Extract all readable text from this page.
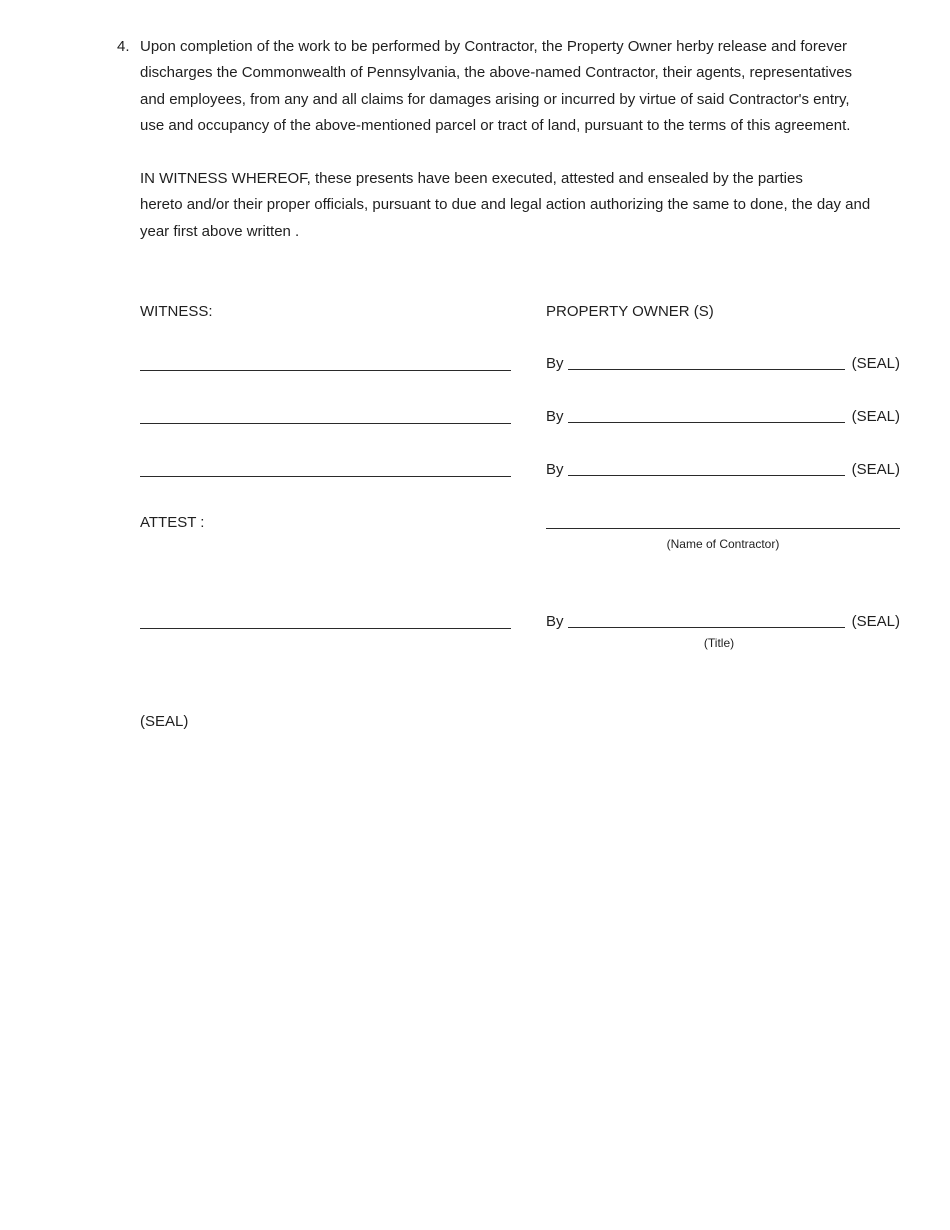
4. Upon completion of the work to be performed by Contractor, the Property Owner herby release and forever
discharges the Commonwealth of Pennsylvania, the above-named Contractor, their agents, representatives
and employees, from any and all claims for damages arising or incurred by virtue of said Contractor's entry,
use and occupancy of the above-mentioned parcel or tract of land, pursuant to the terms of this agreement.

IN WITNESS WHEREOF, these presents have been executed, attested and ensealed by the parties
hereto and/or their proper officials, pursuant to due and legal action authorizing the same to done, the day and
year first above written .

WITNESS:	PROPERTY OWNER (S)
By	(SEAL)
By	(SEAL)
By	(SEAL)
ATTEST :
(Name of Contractor)
By	(SEAL)
(Title)
(SEAL)
